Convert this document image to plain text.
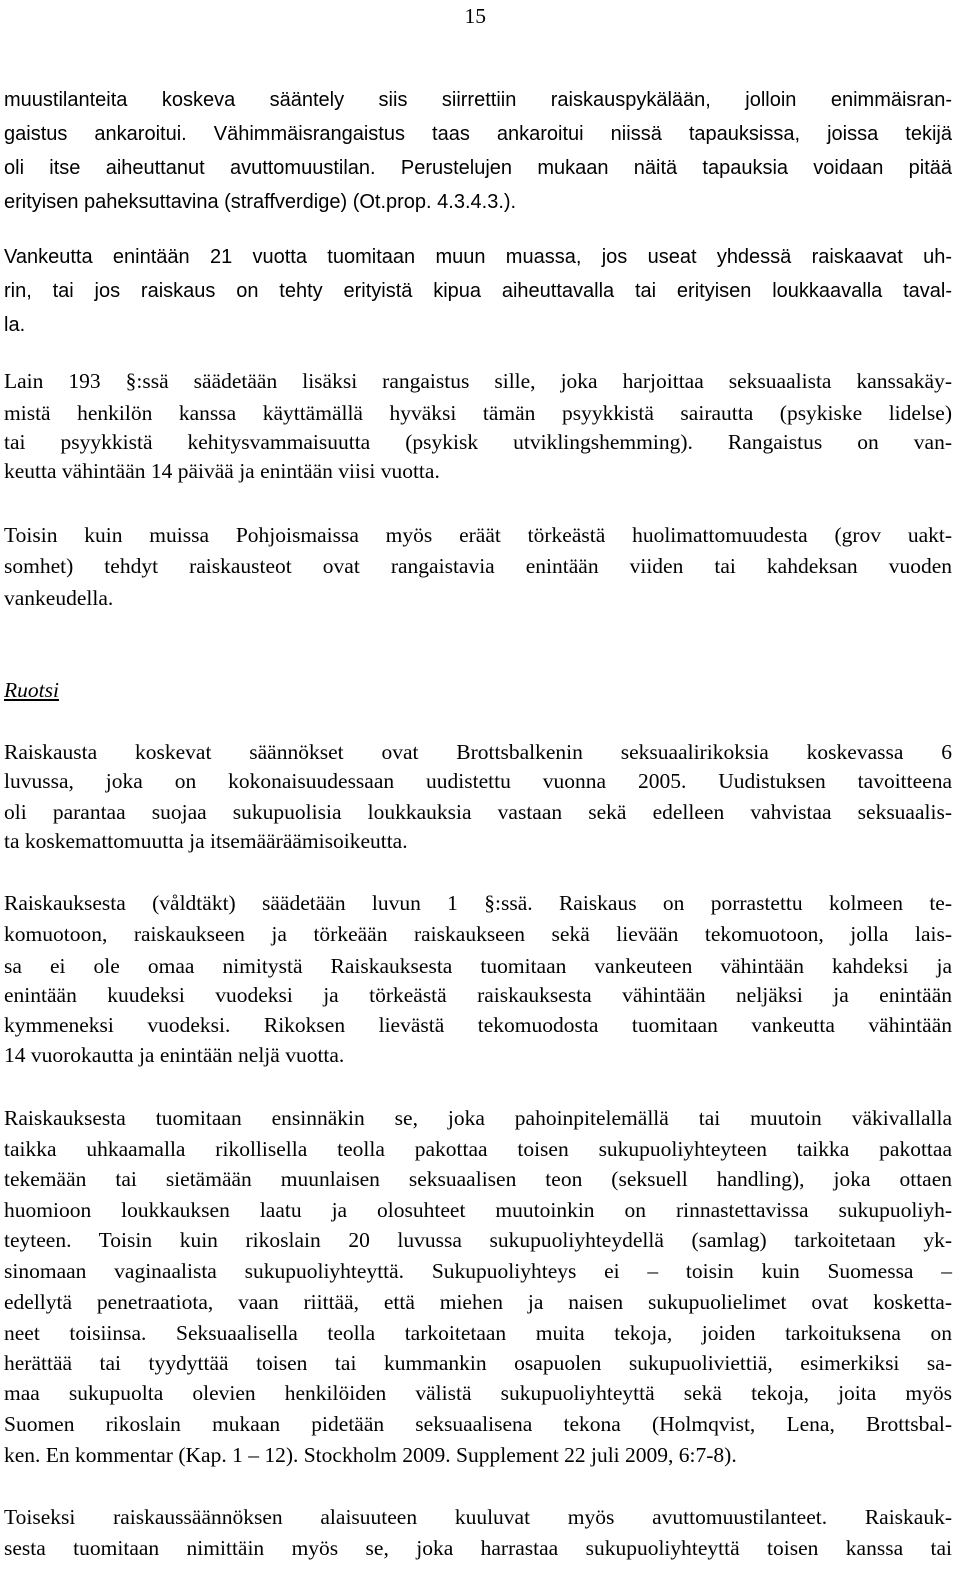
15
muustilanteita koskeva sääntely siis siirrettiin raiskauspykälään, jolloin enimmäisran-
gaistus ankaroitui. Vähimmäisrangaistus taas ankaroitui niissä tapauksissa, joissa tekijä
oli itse aiheuttanut avuttomuustilan. Perustelujen mukaan näitä tapauksia voidaan pitää
erityisen paheksuttavina (straffverdige) (Ot.prop. 4.3.4.3.).
Vankeutta enintään 21 vuotta tuomitaan muun muassa, jos useat yhdessä raiskaavat uh-
rin, tai jos raiskaus on tehty erityistä kipua aiheuttavalla tai erityisen loukkaavalla taval-
la.
Lain 193 §:ssä säädetään lisäksi rangaistus sille, joka harjoittaa seksuaalista kanssakäy-
mistä henkilön kanssa käyttämällä hyväksi tämän psyykkistä sairautta (psykiske lidelse)
tai psyykkistä kehitysvammaisuutta (psykisk utviklingshemming). Rangaistus on van-
keutta vähintään 14 päivää ja enintään viisi vuotta.
Toisin kuin muissa Pohjoismaissa myös eräät törkeästä huolimattomuudesta (grov uakt-
somhet) tehdyt raiskausteot ovat rangaistavia enintään viiden tai kahdeksan vuoden
vankeudella.
Ruotsi
Raiskausta koskevat säännökset ovat Brottsbalkenin seksuaalirikoksia koskevassa 6
luvussa, joka on kokonaisuudessaan uudistettu vuonna 2005. Uudistuksen tavoitteena
oli parantaa suojaa sukupuolisia loukkauksia vastaan sekä edelleen vahvistaa seksuaalis-
ta koskemattomuutta ja itsemääräämisoikeutta.
Raiskauksesta (våldtäkt) säädetään luvun 1 §:ssä. Raiskaus on porrastettu kolmeen te-
komuotoon, raiskaukseen ja törkeään raiskaukseen sekä lievään tekomuotoon, jolla lais-
sa ei ole omaa nimitystä Raiskauksesta tuomitaan vankeuteen vähintään kahdeksi ja
enintään kuudeksi vuodeksi ja törkeästä raiskauksesta vähintään neljäksi ja enintään
kymmeneksi vuodeksi. Rikoksen lievästä tekomuodosta tuomitaan vankeutta vähintään
14 vuorokautta ja enintään neljä vuotta.
Raiskauksesta tuomitaan ensinnäkin se, joka pahoinpitelemällä tai muutoin väkivallalla
taikka uhkaamalla rikollisella teolla pakottaa toisen sukupuoliyhteyteen taikka pakottaa
tekemään tai sietämään muunlaisen seksuaalisen teon (seksuell handling), joka ottaen
huomioon loukkauksen laatu ja olosuhteet muutoinkin on rinnastettavissa sukupuoliyh-
teyteen. Toisin kuin rikoslain 20 luvussa sukupuoliyhteydellä (samlag) tarkoitetaan yk-
sinomaan vaginaalista sukupuoliyhteyttä. Sukupuoliyhteys ei – toisin kuin Suomessa –
edellytä penetraatiota, vaan riittää, että miehen ja naisen sukupuolielimet ovat kosketta-
neet toisiinsa. Seksuaalisella teolla tarkoitetaan muita tekoja, joiden tarkoituksena on
herättää tai tyydyttää toisen tai kummankin osapuolen sukupuoliviettiä, esimerkiksi sa-
maa sukupuolta olevien henkilöiden välistä sukupuoliyhteyttä sekä tekoja, joita myös
Suomen rikoslain mukaan pidetään seksuaalisena tekona (Holmqvist, Lena, Brottsbal-
ken. En kommentar (Kap. 1 – 12). Stockholm 2009. Supplement 22 juli 2009, 6:7-8).
Toiseksi raiskaussäännöksen alaisuuteen kuuluvat myös avuttomuustilanteet. Raiskauk-
sesta tuomitaan nimittäin myös se, joka harrastaa sukupuoliyhteyttä toisen kanssa tai
